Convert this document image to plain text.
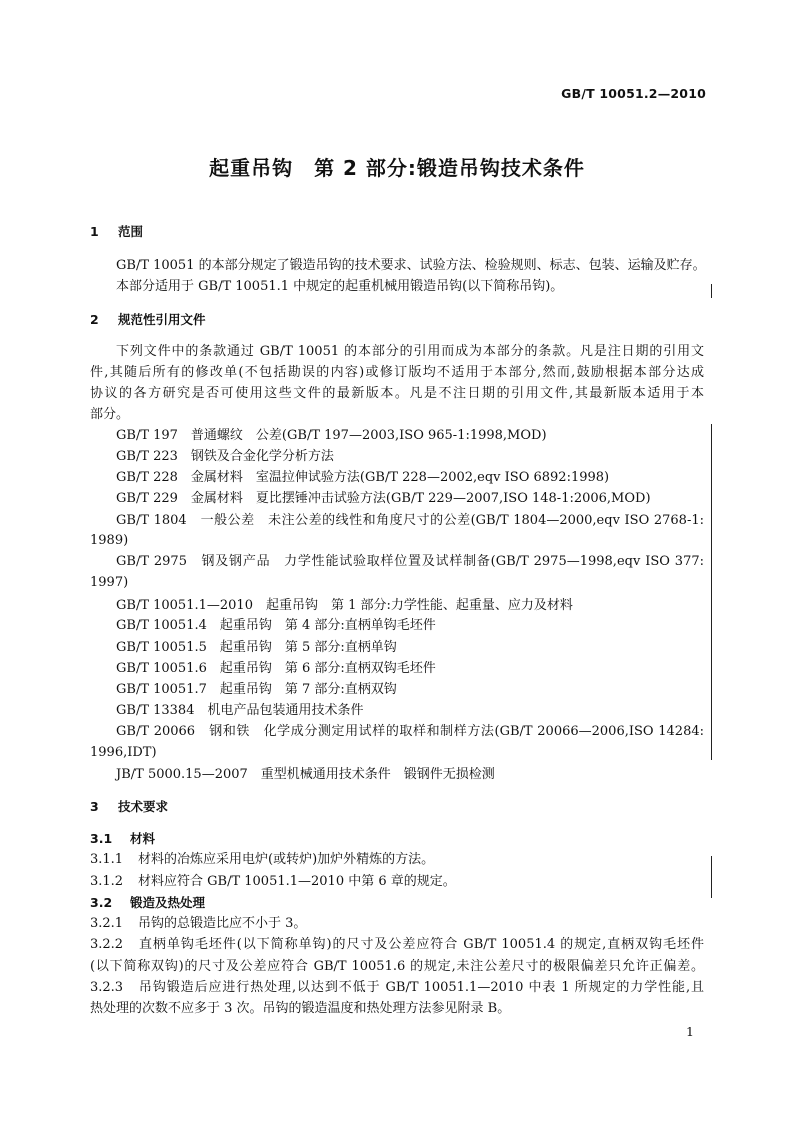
GB/T 10051.2—2010
起重吊钩　第 2 部分:锻造吊钩技术条件
1 范围
GB/T 10051 的本部分规定了锻造吊钩的技术要求、试验方法、检验规则、标志、包装、运输及贮存。
本部分适用于 GB/T 10051.1 中规定的起重机械用锻造吊钩(以下简称吊钩)。
2 规范性引用文件
下列文件中的条款通过 GB/T 10051 的本部分的引用而成为本部分的条款。凡是注日期的引用文
件,其随后所有的修改单(不包括勘误的内容)或修订版均不适用于本部分,然而,鼓励根据本部分达成
协议的各方研究是否可使用这些文件的最新版本。凡是不注日期的引用文件,其最新版本适用于本
部分。
GB/T 197　普通螺纹　公差(GB/T 197—2003,ISO 965-1:1998,MOD)
GB/T 223　钢铁及合金化学分析方法
GB/T 228　金属材料　室温拉伸试验方法(GB/T 228—2002,eqv ISO 6892:1998)
GB/T 229　金属材料　夏比摆锤冲击试验方法(GB/T 229—2007,ISO 148-1:2006,MOD)
GB/T 1804　一般公差　未注公差的线性和角度尺寸的公差(GB/T 1804—2000,eqv ISO 2768-1:
1989)
GB/T 2975　钢及钢产品　力学性能试验取样位置及试样制备(GB/T 2975—1998,eqv ISO 377:
1997)
GB/T 10051.1—2010　起重吊钩　第 1 部分:力学性能、起重量、应力及材料
GB/T 10051.4　起重吊钩　第 4 部分:直柄单钩毛坯件
GB/T 10051.5　起重吊钩　第 5 部分:直柄单钩
GB/T 10051.6　起重吊钩　第 6 部分:直柄双钩毛坯件
GB/T 10051.7　起重吊钩　第 7 部分:直柄双钩
GB/T 13384　机电产品包装通用技术条件
GB/T 20066　钢和铁　化学成分测定用试样的取样和制样方法(GB/T 20066—2006,ISO 14284:
1996,IDT)
JB/T 5000.15—2007　重型机械通用技术条件　锻钢件无损检测
3 技术要求
3.1 材料
3.1.1 材料的冶炼应采用电炉(或转炉)加炉外精炼的方法。
3.1.2 材料应符合 GB/T 10051.1—2010 中第 6 章的规定。
3.2 锻造及热处理
3.2.1 吊钩的总锻造比应不小于 3。
3.2.2 直柄单钩毛坯件(以下简称单钩)的尺寸及公差应符合 GB/T 10051.4 的规定,直柄双钩毛坯件
(以下简称双钩)的尺寸及公差应符合 GB/T 10051.6 的规定,未注公差尺寸的极限偏差只允许正偏差。
3.2.3 吊钩锻造后应进行热处理,以达到不低于 GB/T 10051.1—2010 中表 1 所规定的力学性能,且
热处理的次数不应多于 3 次。吊钩的锻造温度和热处理方法参见附录 B。
1
